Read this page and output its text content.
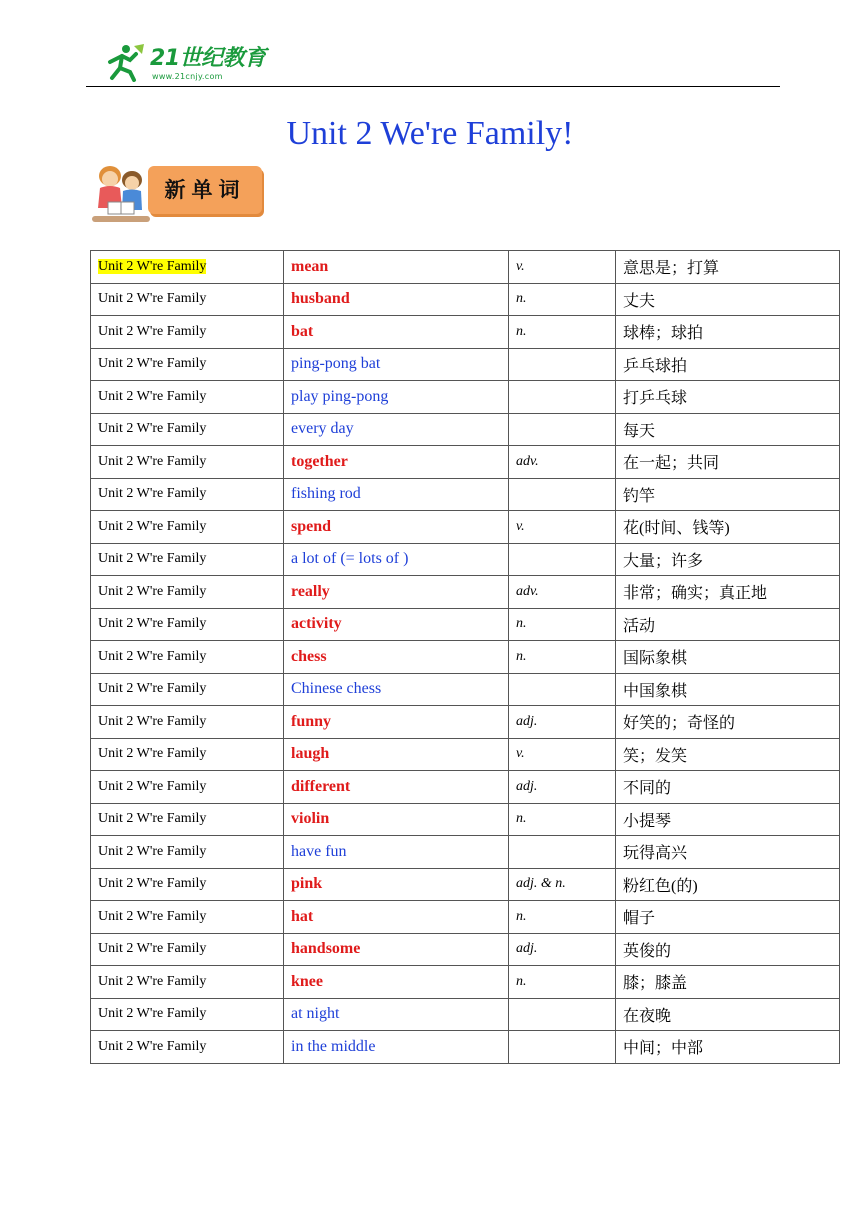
21世纪教育
www.21cnjy.com
Unit 2 We're Family!
新单词
Unit 2 W're Family	mean	v.	意思是；打算
Unit 2 W're Family	husband	n.	丈夫
Unit 2 W're Family	bat	n.	球棒；球拍
Unit 2 W're Family	ping-pong bat		乒乓球拍
Unit 2 W're Family	play ping-pong		打乒乓球
Unit 2 W're Family	every day		每天
Unit 2 W're Family	together	adv.	在一起；共同
Unit 2 W're Family	fishing rod		钓竿
Unit 2 W're Family	spend	v.	花(时间、钱等)
Unit 2 W're Family	a lot of (= lots of )		大量；许多
Unit 2 W're Family	really	adv.	非常；确实；真正地
Unit 2 W're Family	activity	n.	活动
Unit 2 W're Family	chess	n.	国际象棋
Unit 2 W're Family	Chinese chess		中国象棋
Unit 2 W're Family	funny	adj.	好笑的；奇怪的
Unit 2 W're Family	laugh	v.	笑；发笑
Unit 2 W're Family	different	adj.	不同的
Unit 2 W're Family	violin	n.	小提琴
Unit 2 W're Family	have fun		玩得高兴
Unit 2 W're Family	pink	adj. & n.	粉红色(的)
Unit 2 W're Family	hat	n.	帽子
Unit 2 W're Family	handsome	adj.	英俊的
Unit 2 W're Family	knee	n.	膝；膝盖
Unit 2 W're Family	at night		在夜晚
Unit 2 W're Family	in the middle		中间；中部
